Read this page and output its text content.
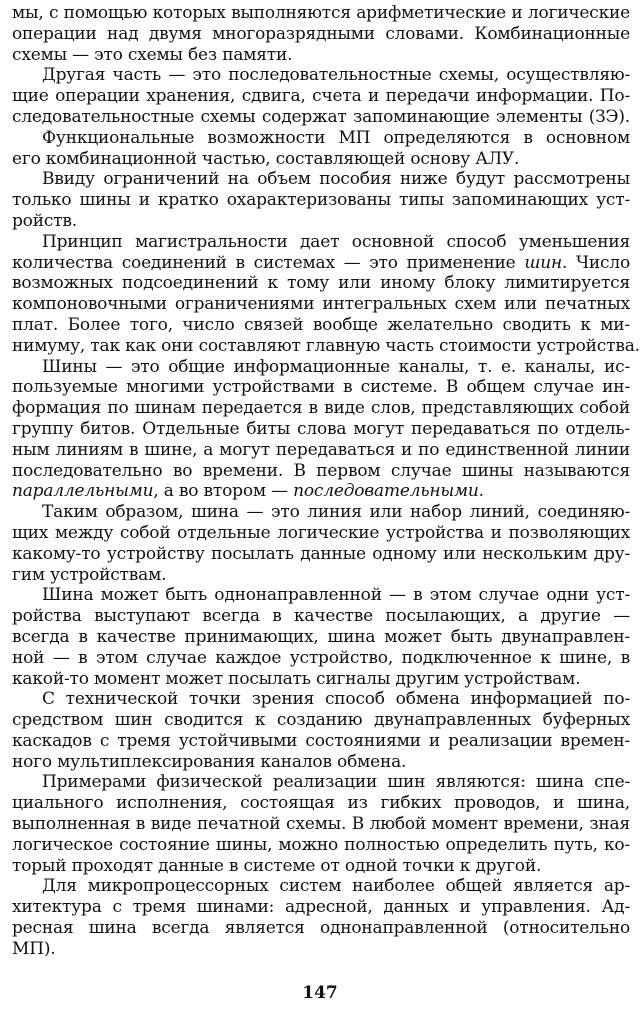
мы, с помощью которых выполняются арифметические и логические
операции над двумя многоразрядными словами. Комбинационные
схемы — это схемы без памяти.
Другая часть — это последовательностные схемы, осуществляю-
щие операции хранения, сдвига, счета и передачи информации. По-
следовательностные схемы содержат запоминающие элементы (ЗЭ).
Функциональные возможности МП определяются в основном
его комбинационной частью, составляющей основу АЛУ.
Ввиду ограничений на объем пособия ниже будут рассмотрены
только шины и кратко охарактеризованы типы запоминающих уст-
ройств.
Принцип магистральности дает основной способ уменьшения
количества соединений в системах — это применение шин. Число
возможных подсоединений к тому или иному блоку лимитируется
компоновочными ограничениями интегральных схем или печатных
плат. Более того, число связей вообще желательно сводить к ми-
нимуму, так как они составляют главную часть стоимости устройства.
Шины — это общие информационные каналы, т. е. каналы, ис-
пользуемые многими устройствами в системе. В общем случае ин-
формация по шинам передается в виде слов, представляющих собой
группу битов. Отдельные биты слова могут передаваться по отдель-
ным линиям в шине, а могут передаваться и по единственной линии
последовательно во времени. В первом случае шины называются
параллельными, а во втором — последовательными.
Таким образом, шина — это линия или набор линий, соединяю-
щих между собой отдельные логические устройства и позволяющих
какому-то устройству посылать данные одному или нескольким дру-
гим устройствам.
Шина может быть однонаправленной — в этом случае одни уст-
ройства выступают всегда в качестве посылающих, а другие —
всегда в качестве принимающих, шина может быть двунаправлен-
ной — в этом случае каждое устройство, подключенное к шине, в
какой-то момент может посылать сигналы другим устройствам.
С технической точки зрения способ обмена информацией по-
средством шин сводится к созданию двунаправленных буферных
каскадов с тремя устойчивыми состояниями и реализации времен-
ного мультиплексирования каналов обмена.
Примерами физической реализации шин являются: шина спе-
циального исполнения, состоящая из гибких проводов, и шина,
выполненная в виде печатной схемы. В любой момент времени, зная
логическое состояние шины, можно полностью определить путь, ко-
торый проходят данные в системе от одной точки к другой.
Для микропроцессорных систем наиболее общей является ар-
хитектура с тремя шинами: адресной, данных и управления. Ад-
ресная шина всегда является однонаправленной (относительно
МП).
147
